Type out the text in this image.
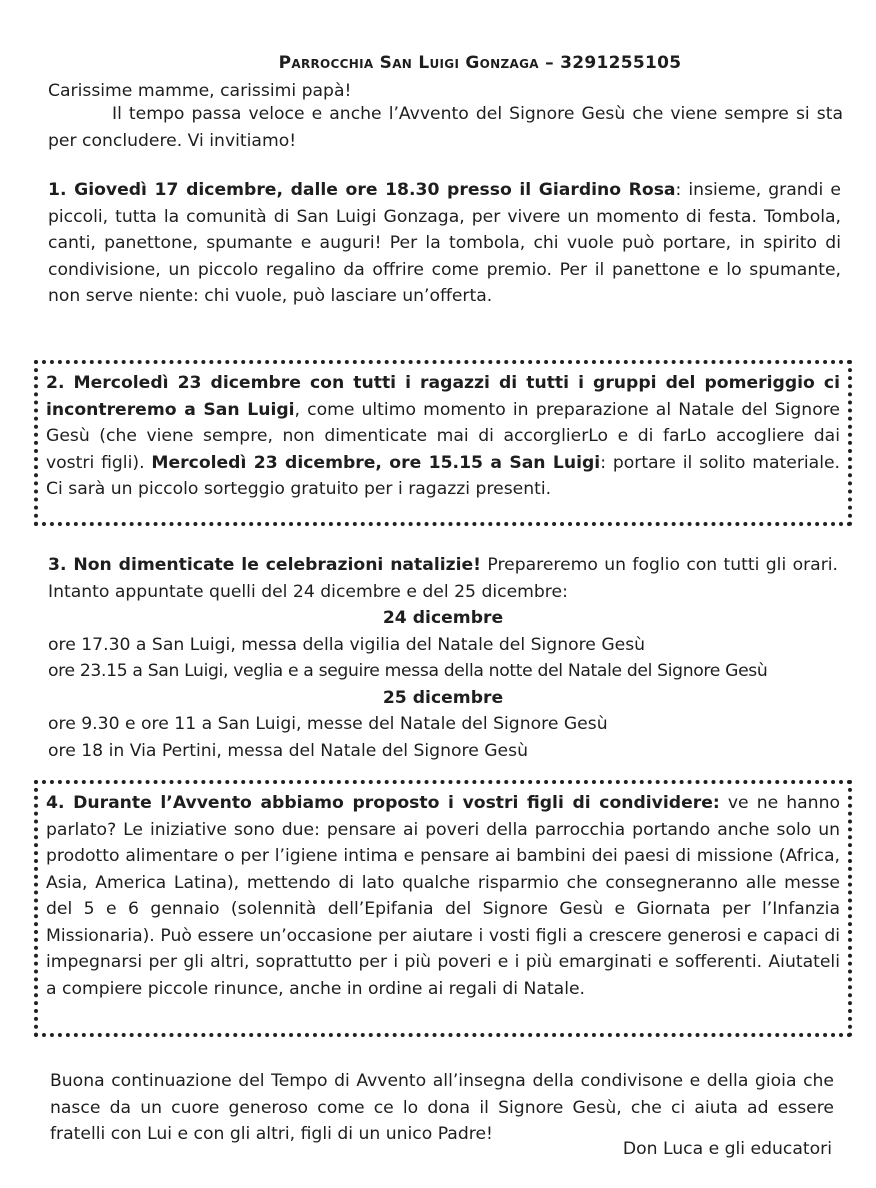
Parrocchia San Luigi Gonzaga – 3291255105
Carissime mamme, carissimi papà!
Il tempo passa veloce e anche l’Avvento del Signore Gesù che viene sempre si sta per concludere. Vi invitiamo!
1. Giovedì 17 dicembre, dalle ore 18.30 presso il Giardino Rosa: insieme, grandi e piccoli, tutta la comunità di San Luigi Gonzaga, per vivere un momento di festa. Tombola, canti, panettone, spumante e auguri! Per la tombola, chi vuole può portare, in spirito di condivisione, un piccolo regalino da offrire come premio. Per il panettone e lo spumante, non serve niente: chi vuole, può lasciare un’offerta.
2. Mercoledì 23 dicembre con tutti i ragazzi di tutti i gruppi del pomeriggio ci incontreremo a San Luigi, come ultimo momento in preparazione al Natale del Signore Gesù (che viene sempre, non dimenticate mai di accorglierLo e di farLo accogliere dai vostri figli). Mercoledì 23 dicembre, ore 15.15 a San Luigi: portare il solito materiale. Ci sarà un piccolo sorteggio gratuito per i ragazzi presenti.
3. Non dimenticate le celebrazioni natalizie! Prepareremo un foglio con tutti gli orari. Intanto appuntate quelli del 24 dicembre e del 25 dicembre:
24 dicembre
ore 17.30 a San Luigi, messa della vigilia del Natale del Signore Gesù
ore 23.15 a San Luigi, veglia e a seguire messa della notte del Natale del Signore Gesù
25 dicembre
ore 9.30 e ore 11 a San Luigi, messe del Natale del Signore Gesù
ore 18 in Via Pertini, messa del Natale del Signore Gesù
4. Durante l’Avvento abbiamo proposto i vostri figli di condividere: ve ne hanno parlato? Le iniziative sono due: pensare ai poveri della parrocchia portando anche solo un prodotto alimentare o per l’igiene intima e pensare ai bambini dei paesi di missione (Africa, Asia, America Latina), mettendo di lato qualche risparmio che consegneranno alle messe del 5 e 6 gennaio (solennità dell’Epifania del Signore Gesù e Giornata per l’Infanzia Missionaria). Può essere un’occasione per aiutare i vosti figli a crescere generosi e capaci di impegnarsi per gli altri, soprattutto per i più poveri e i più emarginati e sofferenti. Aiutateli a compiere piccole rinunce, anche in ordine ai regali di Natale.
Buona continuazione del Tempo di Avvento all’insegna della condivisone e della gioia che nasce da un cuore generoso come ce lo dona il Signore Gesù, che ci aiuta ad essere fratelli con Lui e con gli altri, figli di un unico Padre!
Don Luca e gli educatori
